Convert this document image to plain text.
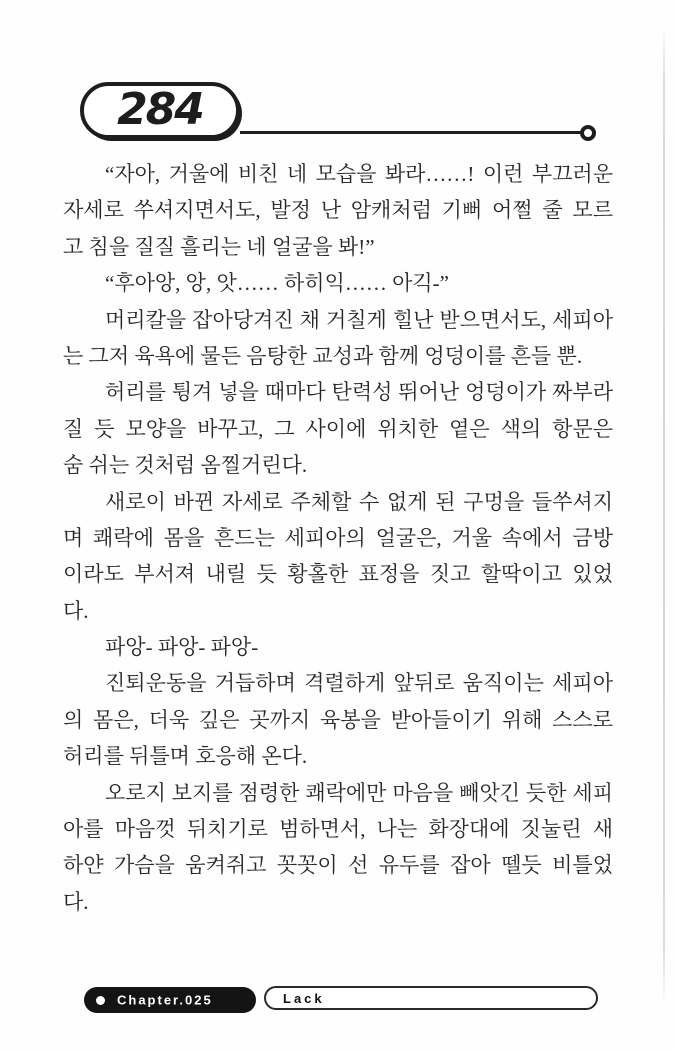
284
“자아, 거울에 비친 네 모습을 봐라……! 이런 부끄러운
자세로 쑤셔지면서도, 발정 난 암캐처럼 기뻐 어쩔 줄 모르
고 침을 질질 흘리는 네 얼굴을 봐!”
“후아앙, 앙, 앗…… 하히익…… 아긱-”
머리칼을 잡아당겨진 채 거칠게 힐난 받으면서도, 세피아
는 그저 육욕에 물든 음탕한 교성과 함께 엉덩이를 흔들 뿐.
허리를 튕겨 넣을 때마다 탄력성 뛰어난 엉덩이가 짜부라
질 듯 모양을 바꾸고, 그 사이에 위치한 옅은 색의 항문은
숨 쉬는 것처럼 옴찔거린다.
새로이 바뀐 자세로 주체할 수 없게 된 구멍을 들쑤셔지
며 쾌락에 몸을 흔드는 세피아의 얼굴은, 거울 속에서 금방
이라도 부서져 내릴 듯 황홀한 표정을 짓고 할딱이고 있었
다.
파앙- 파앙- 파앙-
진퇴운동을 거듭하며 격렬하게 앞뒤로 움직이는 세피아
의 몸은, 더욱 깊은 곳까지 육봉을 받아들이기 위해 스스로
허리를 뒤틀며 호응해 온다.
오로지 보지를 점령한 쾌락에만 마음을 빼앗긴 듯한 세피
아를 마음껏 뒤치기로 범하면서, 나는 화장대에 짓눌린 새
하얀 가슴을 움켜쥐고 꼿꼿이 선 유두를 잡아 뗄듯 비틀었
다.
Chapter.025	Lack
